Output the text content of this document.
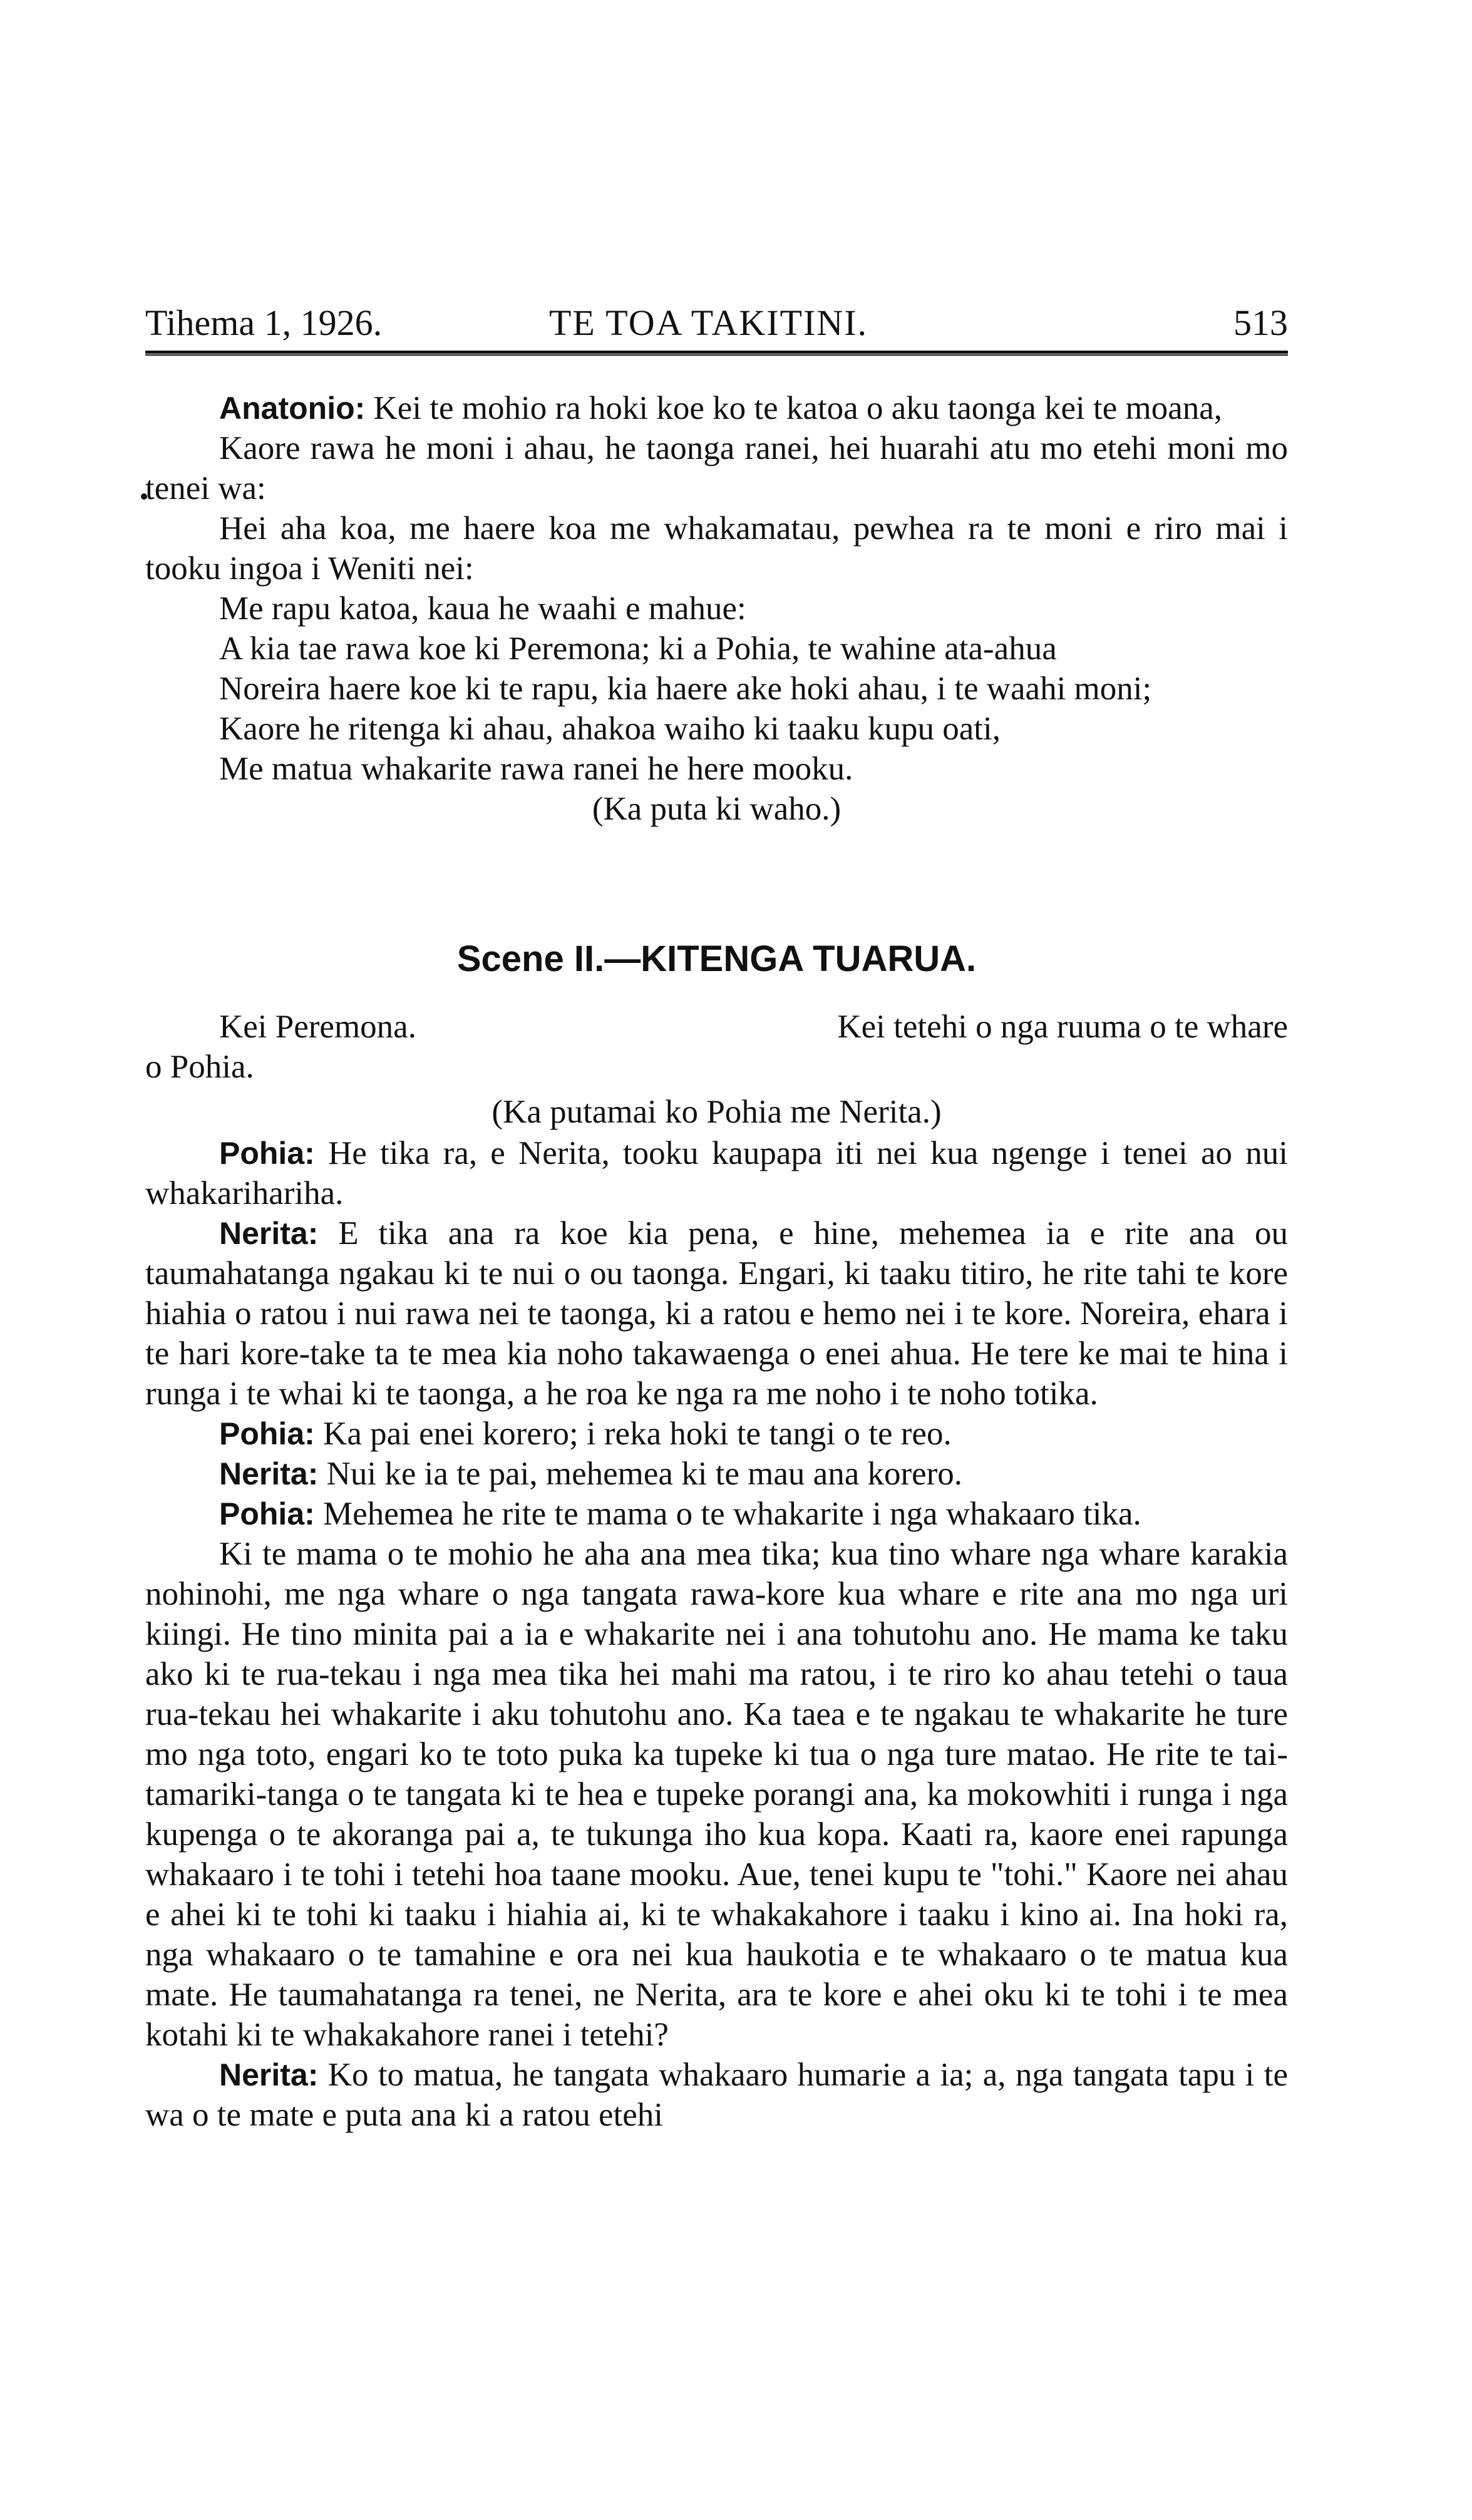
Tihema 1, 1926.	TE TOA TAKITINI.	513

Anatonio: Kei te mohio ra hoki koe ko te katoa o aku taonga kei te moana,

Kaore rawa he moni i ahau, he taonga ranei, hei huarahi atu mo etehi moni mo tenei wa:

Hei aha koa, me haere koa me whakamatau, pewhea ra te moni e riro mai i tooku ingoa i Weniti nei:

Me rapu katoa, kaua he waahi e mahue:

A kia tae rawa koe ki Peremona; ki a Pohia, te wahine ata-ahua

Noreira haere koe ki te rapu, kia haere ake hoki ahau, i te waahi moni;

Kaore he ritenga ki ahau, ahakoa waiho ki taaku kupu oati,

Me matua whakarite rawa ranei he here mooku.

(Ka puta ki waho.)

Scene II.—KITENGA TUARUA.

Kei Peremona.	Kei tetehi o nga ruuma o te whare

o Pohia.

(Ka putamai ko Pohia me Nerita.)

Pohia: He tika ra, e Nerita, tooku kaupapa iti nei kua ngenge i tenei ao nui whakarihariha.

Nerita: E tika ana ra koe kia pena, e hine, mehemea ia e rite ana ou taumahatanga ngakau ki te nui o ou taonga. Engari, ki taaku titiro, he rite tahi te kore hiahia o ratou i nui rawa nei te taonga, ki a ratou e hemo nei i te kore. Noreira, ehara i te hari kore-take ta te mea kia noho takawaenga o enei ahua. He tere ke mai te hina i runga i te whai ki te taonga, a he roa ke nga ra me noho i te noho totika.

Pohia: Ka pai enei korero; i reka hoki te tangi o te reo.

Nerita: Nui ke ia te pai, mehemea ki te mau ana korero.

Pohia: Mehemea he rite te mama o te whakarite i nga whakaaro tika.

Ki te mama o te mohio he aha ana mea tika; kua tino whare nga whare karakia nohinohi, me nga whare o nga tangata rawa-kore kua whare e rite ana mo nga uri kiingi. He tino minita pai a ia e whakarite nei i ana tohutohu ano. He mama ke taku ako ki te rua-tekau i nga mea tika hei mahi ma ratou, i te riro ko ahau tetehi o taua rua-tekau hei whakarite i aku tohutohu ano. Ka taea e te ngakau te whakarite he ture mo nga toto, engari ko te toto puka ka tupeke ki tua o nga ture matao. He rite te tai-tamariki-tanga o te tangata ki te hea e tupeke porangi ana, ka mokowhiti i runga i nga kupenga o te akoranga pai a, te tukunga iho kua kopa. Kaati ra, kaore enei rapunga whakaaro i te tohi i tetehi hoa taane mooku. Aue, tenei kupu te "tohi." Kaore nei ahau e ahei ki te tohi ki taaku i hiahia ai, ki te whakakahore i taaku i kino ai. Ina hoki ra, nga whakaaro o te tamahine e ora nei kua haukotia e te whakaaro o te matua kua mate. He taumahatanga ra tenei, ne Nerita, ara te kore e ahei oku ki te tohi i te mea kotahi ki te whakakahore ranei i tetehi?

Nerita: Ko to matua, he tangata whakaaro humarie a ia; a, nga tangata tapu i te wa o te mate e puta ana ki a ratou etehi
